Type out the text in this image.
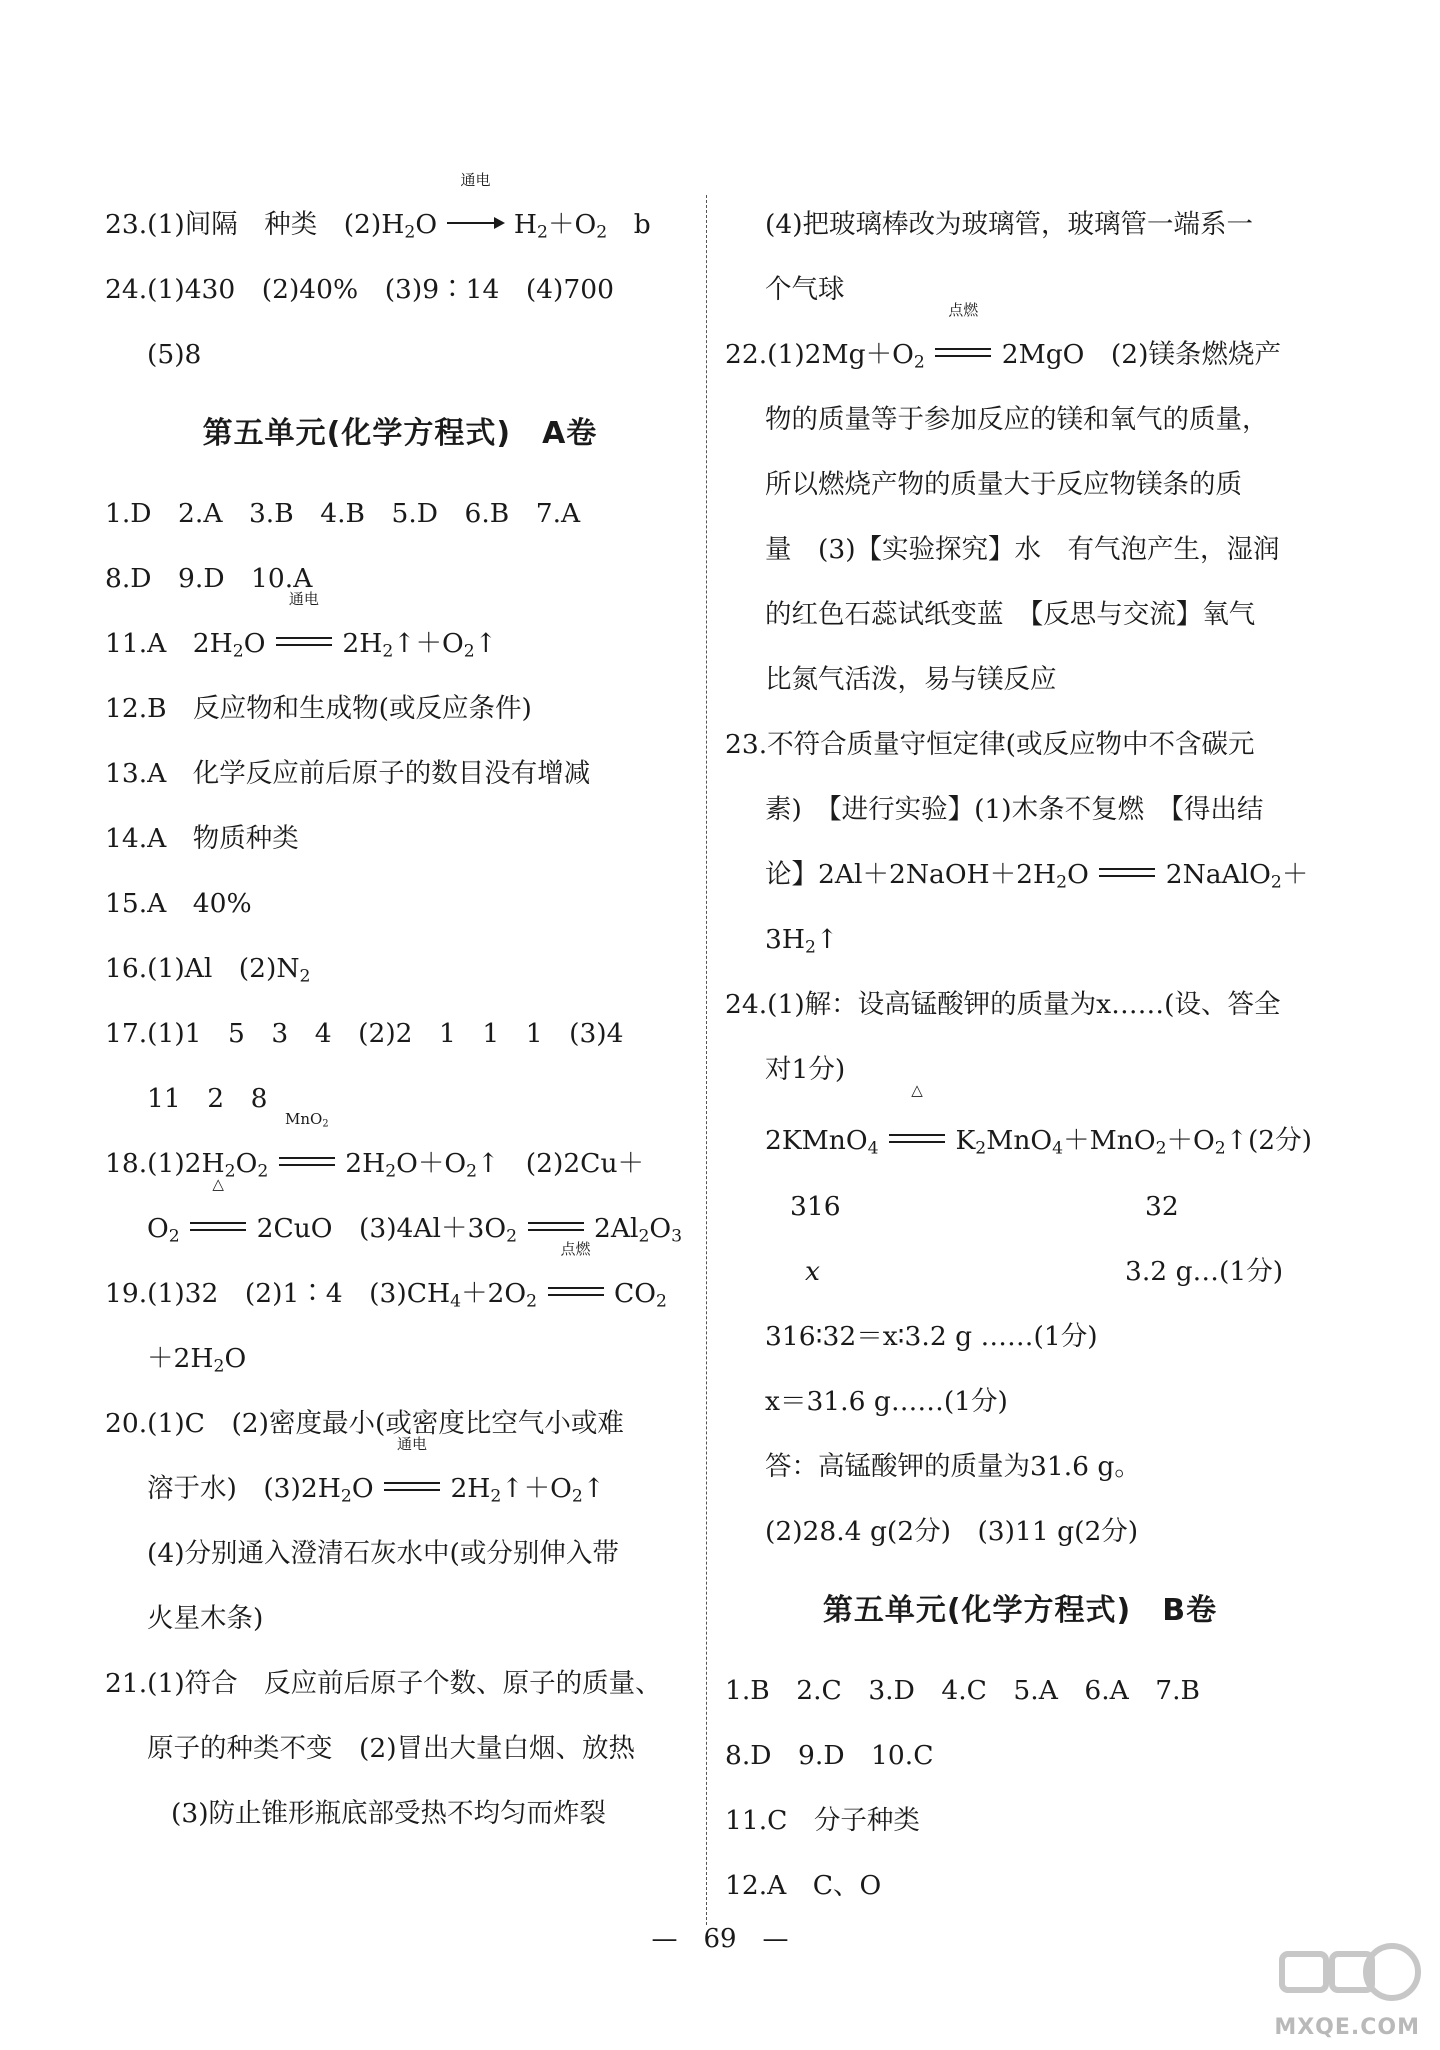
23.(1)间隔　种类　$(2)H_2O$
通电
$H_2+O_2$　b
24.(1)430　(2)40%　(3)9∶14　(4)700
(5)8
第五单元(化学方程式)　A卷
1.D　2.A　3.B　4.B　5.D　6.B　7.A
8.D　9.D　10.A
11.A　$2H_2O$
通电
$2H_2↑+O_2↑$
12.B　反应物和生成物(或反应条件)
13.A　化学反应前后原子的数目没有增减
14.A　物质种类
15.A　40%
16.(1)Al　$(2)N_2$
17.(1)1　5　3　4　(2)2　1　1　1　(3)4
11　2　8
$18.(1)2H_2O_2$
MnO$_2$
$2H_2O+O_2↑$　(2)2Cu＋
$O_2$
△
2CuO　$(3)4Al+3O_2$	$2Al_2O_3$
19.(1)32　(2)1∶4　$(3)CH_4+2O_2$
点燃
$CO_2$
$+2H_2O$
20.(1)C　(2)密度最小(或密度比空气小或难
溶于水)　$(3)2H_2O$
通电
$2H_2↑+O_2↑$
(4)分别通入澄清石灰水中(或分别伸入带
火星木条)
21.(1)符合　反应前后原子个数、原子的质量、
原子的种类不变　(2)冒出大量白烟、放热
(3)防止锥形瓶底部受热不均匀而炸裂
(4)把玻璃棒改为玻璃管，玻璃管一端系一
个气球
$22.(1)2Mg+O_2$
点燃
2MgO　(2)镁条燃烧产
物的质量等于参加反应的镁和氧气的质量，
所以燃烧产物的质量大于反应物镁条的质
量　(3)【实验探究】水　有气泡产生，湿润
的红色石蕊试纸变蓝　【反思与交流】氧气
比氮气活泼，易与镁反应
23.不符合质量守恒定律(或反应物中不含碳元
素)　【进行实验】(1)木条不复燃　【得出结
论】$2Al+2NaOH+2H_2O$	2NaAlO$_2$＋
$3H_2↑$
24.(1)解：设高锰酸钾的质量为x……(设、答全
对1分)
2KMnO$_4$
△
$K_2MnO_4+MnO_2+O_2↑(2$分)
316	32
x	3.2 g…(1分)
316∶32＝x∶3.2 g ……(1分)
x＝31.6 g……(1分)
答：高锰酸钾的质量为31.6 g。
(2)28.4 g(2分)　(3)11 g(2分)
第五单元(化学方程式)　B卷
1.B　2.C　3.D　4.C　5.A　6.A　7.B
8.D　9.D　10.C
11.C　分子种类
12.A　C、O
—　69　—
MXQE.COM
